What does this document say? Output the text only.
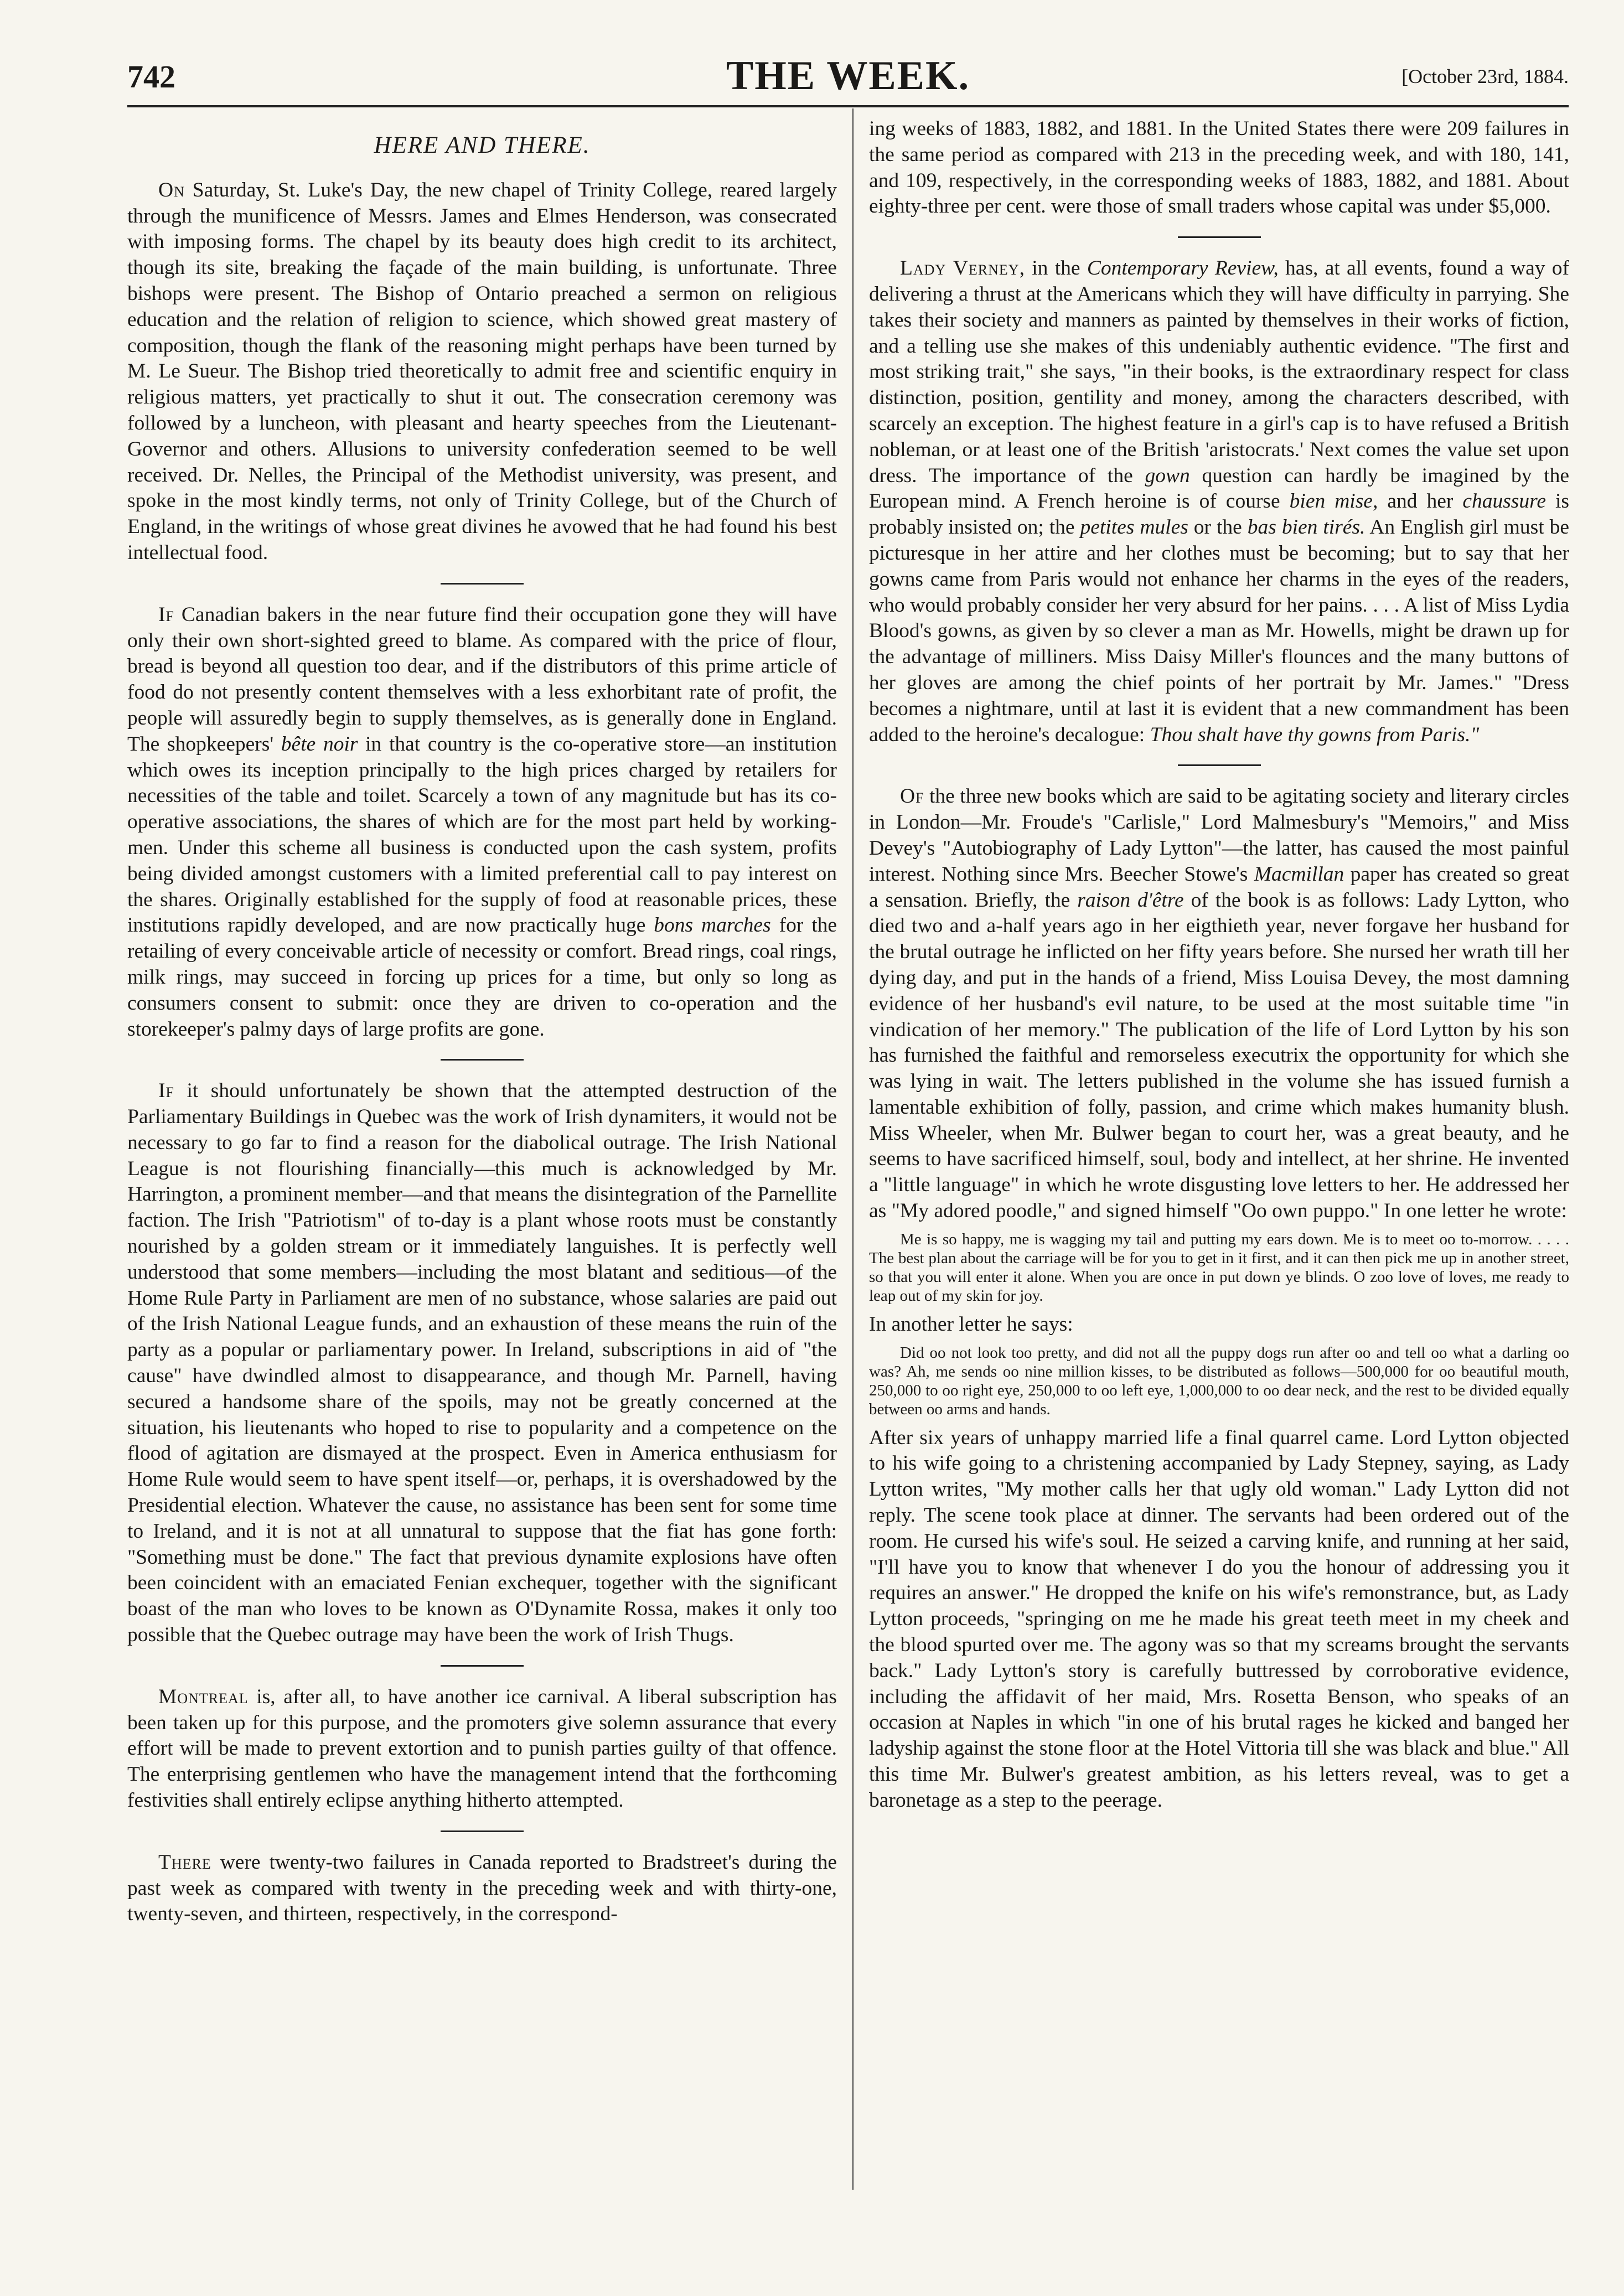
742	THE WEEK.	[October 23rd, 1884.
HERE AND THERE.

On Saturday, St. Luke's Day, the new chapel of Trinity College, reared largely through the munificence of Messrs. James and Elmes Henderson, was consecrated with imposing forms. The chapel by its beauty does high credit to its architect, though its site, breaking the façade of the main building, is unfortunate. Three bishops were present. The Bishop of Ontario preached a sermon on religious education and the relation of religion to science, which showed great mastery of composition, though the flank of the reasoning might perhaps have been turned by M. Le Sueur. The Bishop tried theoretically to admit free and scientific enquiry in religious matters, yet practically to shut it out. The consecration ceremony was followed by a luncheon, with pleasant and hearty speeches from the Lieutenant-Governor and others. Allusions to university confederation seemed to be well received. Dr. Nelles, the Principal of the Methodist university, was present, and spoke in the most kindly terms, not only of Trinity College, but of the Church of England, in the writings of whose great divines he avowed that he had found his best intellectual food.

If Canadian bakers in the near future find their occupation gone they will have only their own short-sighted greed to blame. As compared with the price of flour, bread is beyond all question too dear, and if the distributors of this prime article of food do not presently content themselves with a less exhorbitant rate of profit, the people will assuredly begin to supply themselves, as is generally done in England. The shopkeepers' bête noir in that country is the co-operative store—an institution which owes its inception principally to the high prices charged by retailers for necessities of the table and toilet. Scarcely a town of any magnitude but has its co-operative associations, the shares of which are for the most part held by working-men. Under this scheme all business is conducted upon the cash system, profits being divided amongst customers with a limited preferential call to pay interest on the shares. Originally established for the supply of food at reasonable prices, these institutions rapidly developed, and are now practically huge bons marches for the retailing of every conceivable article of necessity or comfort. Bread rings, coal rings, milk rings, may succeed in forcing up prices for a time, but only so long as consumers consent to submit: once they are driven to co-operation and the storekeeper's palmy days of large profits are gone.

If it should unfortunately be shown that the attempted destruction of the Parliamentary Buildings in Quebec was the work of Irish dynamiters, it would not be necessary to go far to find a reason for the diabolical outrage. The Irish National League is not flourishing financially—this much is acknowledged by Mr. Harrington, a prominent member—and that means the disintegration of the Parnellite faction. The Irish "Patriotism" of to-day is a plant whose roots must be constantly nourished by a golden stream or it immediately languishes. It is perfectly well understood that some members—including the most blatant and seditious—of the Home Rule Party in Parliament are men of no substance, whose salaries are paid out of the Irish National League funds, and an exhaustion of these means the ruin of the party as a popular or parliamentary power. In Ireland, subscriptions in aid of "the cause" have dwindled almost to disappearance, and though Mr. Parnell, having secured a handsome share of the spoils, may not be greatly concerned at the situation, his lieutenants who hoped to rise to popularity and a competence on the flood of agitation are dismayed at the prospect. Even in America enthusiasm for Home Rule would seem to have spent itself—or, perhaps, it is overshadowed by the Presidential election. Whatever the cause, no assistance has been sent for some time to Ireland, and it is not at all unnatural to suppose that the fiat has gone forth: "Something must be done." The fact that previous dynamite explosions have often been coincident with an emaciated Fenian exchequer, together with the significant boast of the man who loves to be known as O'Dynamite Rossa, makes it only too possible that the Quebec outrage may have been the work of Irish Thugs.

Montreal is, after all, to have another ice carnival. A liberal subscription has been taken up for this purpose, and the promoters give solemn assurance that every effort will be made to prevent extortion and to punish parties guilty of that offence. The enterprising gentlemen who have the management intend that the forthcoming festivities shall entirely eclipse anything hitherto attempted.

There were twenty-two failures in Canada reported to Bradstreet's during the past week as compared with twenty in the preceding week and with thirty-one, twenty-seven, and thirteen, respectively, in the correspond-

ing weeks of 1883, 1882, and 1881. In the United States there were 209 failures in the same period as compared with 213 in the preceding week, and with 180, 141, and 109, respectively, in the corresponding weeks of 1883, 1882, and 1881. About eighty-three per cent. were those of small traders whose capital was under $5,000.

Lady Verney, in the Contemporary Review, has, at all events, found a way of delivering a thrust at the Americans which they will have difficulty in parrying. She takes their society and manners as painted by themselves in their works of fiction, and a telling use she makes of this undeniably authentic evidence. "The first and most striking trait," she says, "in their books, is the extraordinary respect for class distinction, position, gentility and money, among the characters described, with scarcely an exception. The highest feature in a girl's cap is to have refused a British nobleman, or at least one of the British 'aristocrats.' Next comes the value set upon dress. The importance of the gown question can hardly be imagined by the European mind. A French heroine is of course bien mise, and her chaussure is probably insisted on; the petites mules or the bas bien tirés. An English girl must be picturesque in her attire and her clothes must be becoming; but to say that her gowns came from Paris would not enhance her charms in the eyes of the readers, who would probably consider her very absurd for her pains. . . . A list of Miss Lydia Blood's gowns, as given by so clever a man as Mr. Howells, might be drawn up for the advantage of milliners. Miss Daisy Miller's flounces and the many buttons of her gloves are among the chief points of her portrait by Mr. James." "Dress becomes a nightmare, until at last it is evident that a new commandment has been added to the heroine's decalogue: Thou shalt have thy gowns from Paris."

Of the three new books which are said to be agitating society and literary circles in London—Mr. Froude's "Carlisle," Lord Malmesbury's "Memoirs," and Miss Devey's "Autobiography of Lady Lytton"—the latter, has caused the most painful interest. Nothing since Mrs. Beecher Stowe's Macmillan paper has created so great a sensation. Briefly, the raison d'être of the book is as follows: Lady Lytton, who died two and a-half years ago in her eigthieth year, never forgave her husband for the brutal outrage he inflicted on her fifty years before. She nursed her wrath till her dying day, and put in the hands of a friend, Miss Louisa Devey, the most damning evidence of her husband's evil nature, to be used at the most suitable time "in vindication of her memory." The publication of the life of Lord Lytton by his son has furnished the faithful and remorseless executrix the opportunity for which she was lying in wait. The letters published in the volume she has issued furnish a lamentable exhibition of folly, passion, and crime which makes humanity blush. Miss Wheeler, when Mr. Bulwer began to court her, was a great beauty, and he seems to have sacrificed himself, soul, body and intellect, at her shrine. He invented a "little language" in which he wrote disgusting love letters to her. He addressed her as "My adored poodle," and signed himself "Oo own puppo." In one letter he wrote:

Me is so happy, me is wagging my tail and putting my ears down. Me is to meet oo to-morrow. . . . . The best plan about the carriage will be for you to get in it first, and it can then pick me up in another street, so that you will enter it alone. When you are once in put down ye blinds. O zoo love of loves, me ready to leap out of my skin for joy.

In another letter he says:

Did oo not look too pretty, and did not all the puppy dogs run after oo and tell oo what a darling oo was? Ah, me sends oo nine million kisses, to be distributed as follows—500,000 for oo beautiful mouth, 250,000 to oo right eye, 250,000 to oo left eye, 1,000,000 to oo dear neck, and the rest to be divided equally between oo arms and hands.

After six years of unhappy married life a final quarrel came. Lord Lytton objected to his wife going to a christening accompanied by Lady Stepney, saying, as Lady Lytton writes, "My mother calls her that ugly old woman." Lady Lytton did not reply. The scene took place at dinner. The servants had been ordered out of the room. He cursed his wife's soul. He seized a carving knife, and running at her said, "I'll have you to know that whenever I do you the honour of addressing you it requires an answer." He dropped the knife on his wife's remonstrance, but, as Lady Lytton proceeds, "springing on me he made his great teeth meet in my cheek and the blood spurted over me. The agony was so that my screams brought the servants back." Lady Lytton's story is carefully buttressed by corroborative evidence, including the affidavit of her maid, Mrs. Rosetta Benson, who speaks of an occasion at Naples in which "in one of his brutal rages he kicked and banged her ladyship against the stone floor at the Hotel Vittoria till she was black and blue." All this time Mr. Bulwer's greatest ambition, as his letters reveal, was to get a baronetage as a step to the peerage.
